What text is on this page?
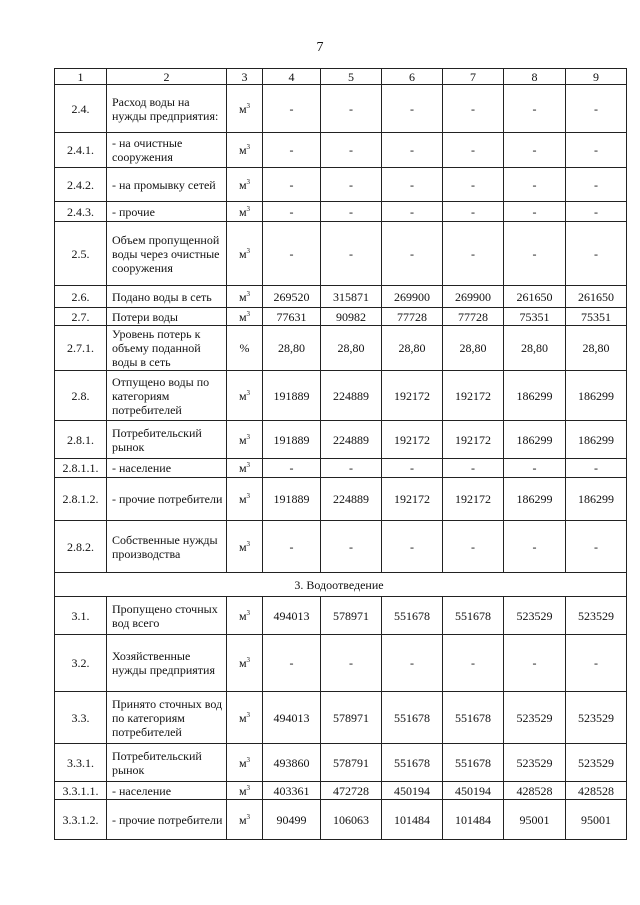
7
1	2	3	4	5	6	7	8	9
2.4.	Расход воды на нужды предприятия:	$м^3$	-	-	-	-	-	-
2.4.1.	- на очистные сооружения	$м^3$	-	-	-	-	-	-
2.4.2.	- на промывку сетей	$м^3$	-	-	-	-	-	-
2.4.3.	- прочие	$м^3$	-	-	-	-	-	-
2.5.	Объем пропущенной воды через очистные сооружения	$м^3$	-	-	-	-	-	-
2.6.	Подано воды в сеть	$м^3$	269520	315871	269900	269900	261650	261650
2.7.	Потери воды	$м^3$	77631	90982	77728	77728	75351	75351
2.7.1.	Уровень потерь к объему поданной воды в сеть	%	28,80	28,80	28,80	28,80	28,80	28,80
2.8.	Отпущено воды по категориям потребителей	$м^3$	191889	224889	192172	192172	186299	186299
2.8.1.	Потребительский рынок	$м^3$	191889	224889	192172	192172	186299	186299
2.8.1.1.	- население	$м^3$	-	-	-	-	-	-
2.8.1.2.	- прочие потребители	$м^3$	191889	224889	192172	192172	186299	186299
2.8.2.	Собственные нужды производства	$м^3$	-	-	-	-	-	-
3. Водоотведение								
3.1.	Пропущено сточных вод всего	$м^3$	494013	578971	551678	551678	523529	523529
3.2.	Хозяйственные нужды предприятия	$м^3$	-	-	-	-	-	-
3.3.	Принято сточных вод по категориям потребителей	$м^3$	494013	578971	551678	551678	523529	523529
3.3.1.	Потребительский рынок	$м^3$	493860	578791	551678	551678	523529	523529
3.3.1.1.	- население	$м^3$	403361	472728	450194	450194	428528	428528
3.3.1.2.	- прочие потребители	$м^3$	90499	106063	101484	101484	95001	95001
